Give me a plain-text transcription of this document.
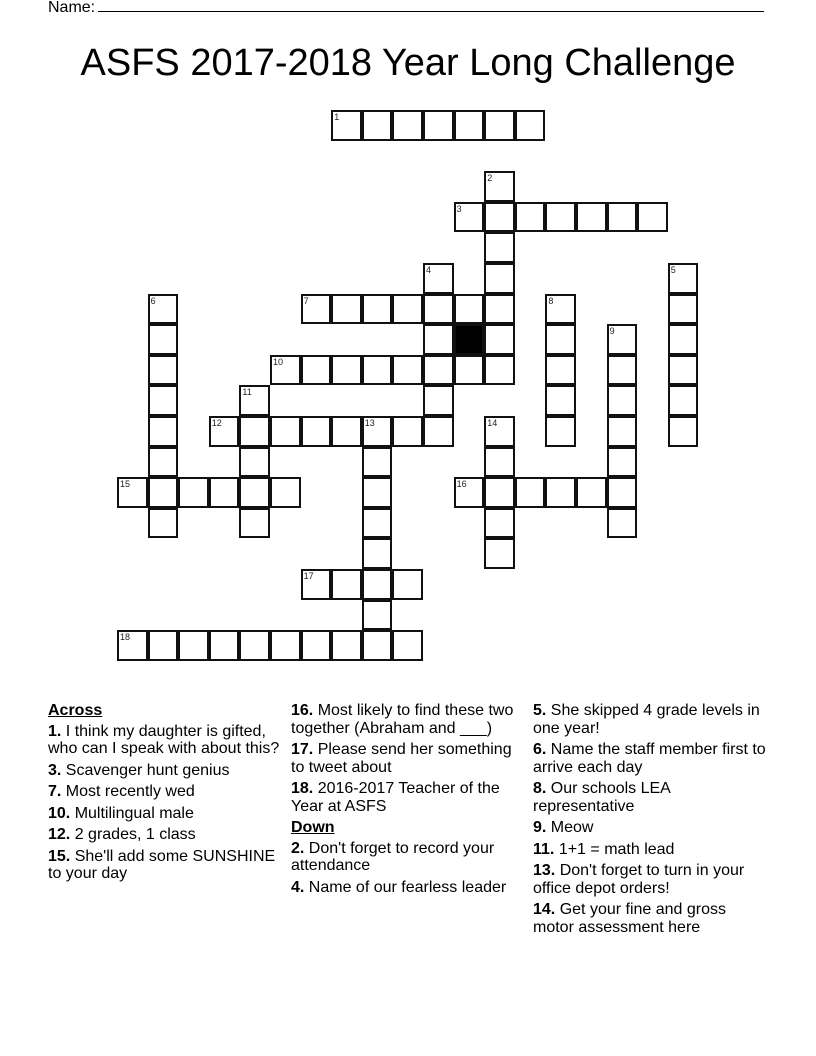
Name:
ASFS 2017-2018 Year Long Challenge
1
2
3
4	5
6	7	8
9
10
11
12	13	14
15	16
17
18
Across
1. I think my daughter is gifted, who can I speak with about this?
3. Scavenger hunt genius
7. Most recently wed
10. Multilingual male
12. 2 grades, 1 class
15. She'll add some SUNSHINE to your day
16. Most likely to find these two together (Abraham and ___)
17. Please send her something to tweet about
18. 2016-2017 Teacher of the Year at ASFS
Down
2. Don't forget to record your attendance
4. Name of our fearless leader
5. She skipped 4 grade levels in one year!
6. Name the staff member first to arrive each day
8. Our schools LEA representative
9. Meow
11. 1+1 = math lead
13. Don't forget to turn in your office depot orders!
14. Get your fine and gross motor assessment here
